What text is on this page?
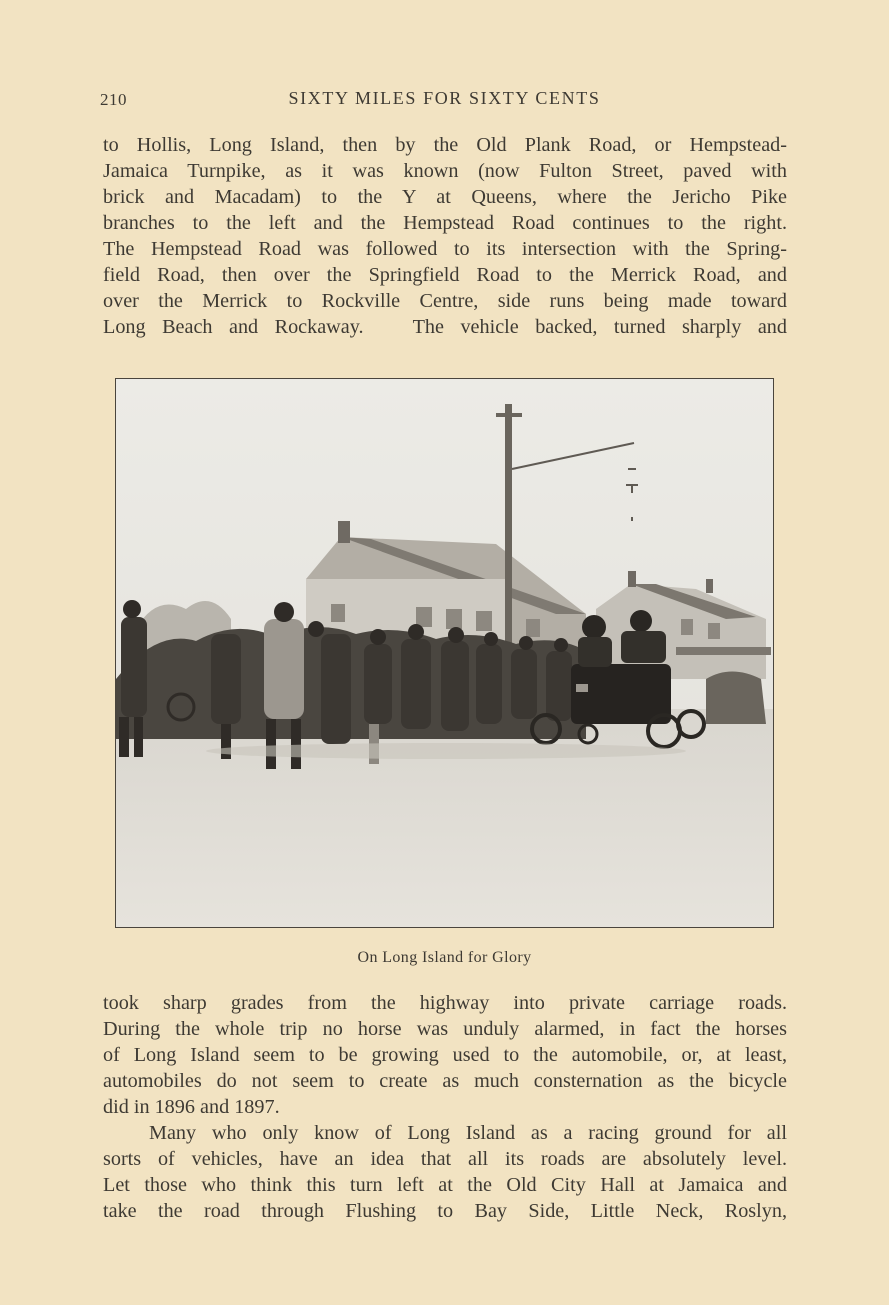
210	SIXTY MILES FOR SIXTY CENTS
to Hollis, Long Island, then by the Old Plank Road, or Hempstead-
Jamaica Turnpike, as it was known (now Fulton Street, paved with
brick and Macadam) to the Y at Queens, where the Jericho Pike
branches to the left and the Hempstead Road continues to the right.
The Hempstead Road was followed to its intersection with the Spring-
field Road, then over the Springfield Road to the Merrick Road, and
over the Merrick to Rockville Centre, side runs being made toward
Long Beach and Rockaway.   The vehicle backed, turned sharply and
On Long Island for Glory
took sharp grades from the highway into private carriage roads.
During the whole trip no horse was unduly alarmed, in fact the horses
of Long Island seem to be growing used to the automobile, or, at least,
automobiles do not seem to create as much consternation as the bicycle
did in 1896 and 1897.
Many who only know of Long Island as a racing ground for all
sorts of vehicles, have an idea that all its roads are absolutely level.
Let those who think this turn left at the Old City Hall at Jamaica and
take the road through Flushing to Bay Side, Little Neck, Roslyn,
